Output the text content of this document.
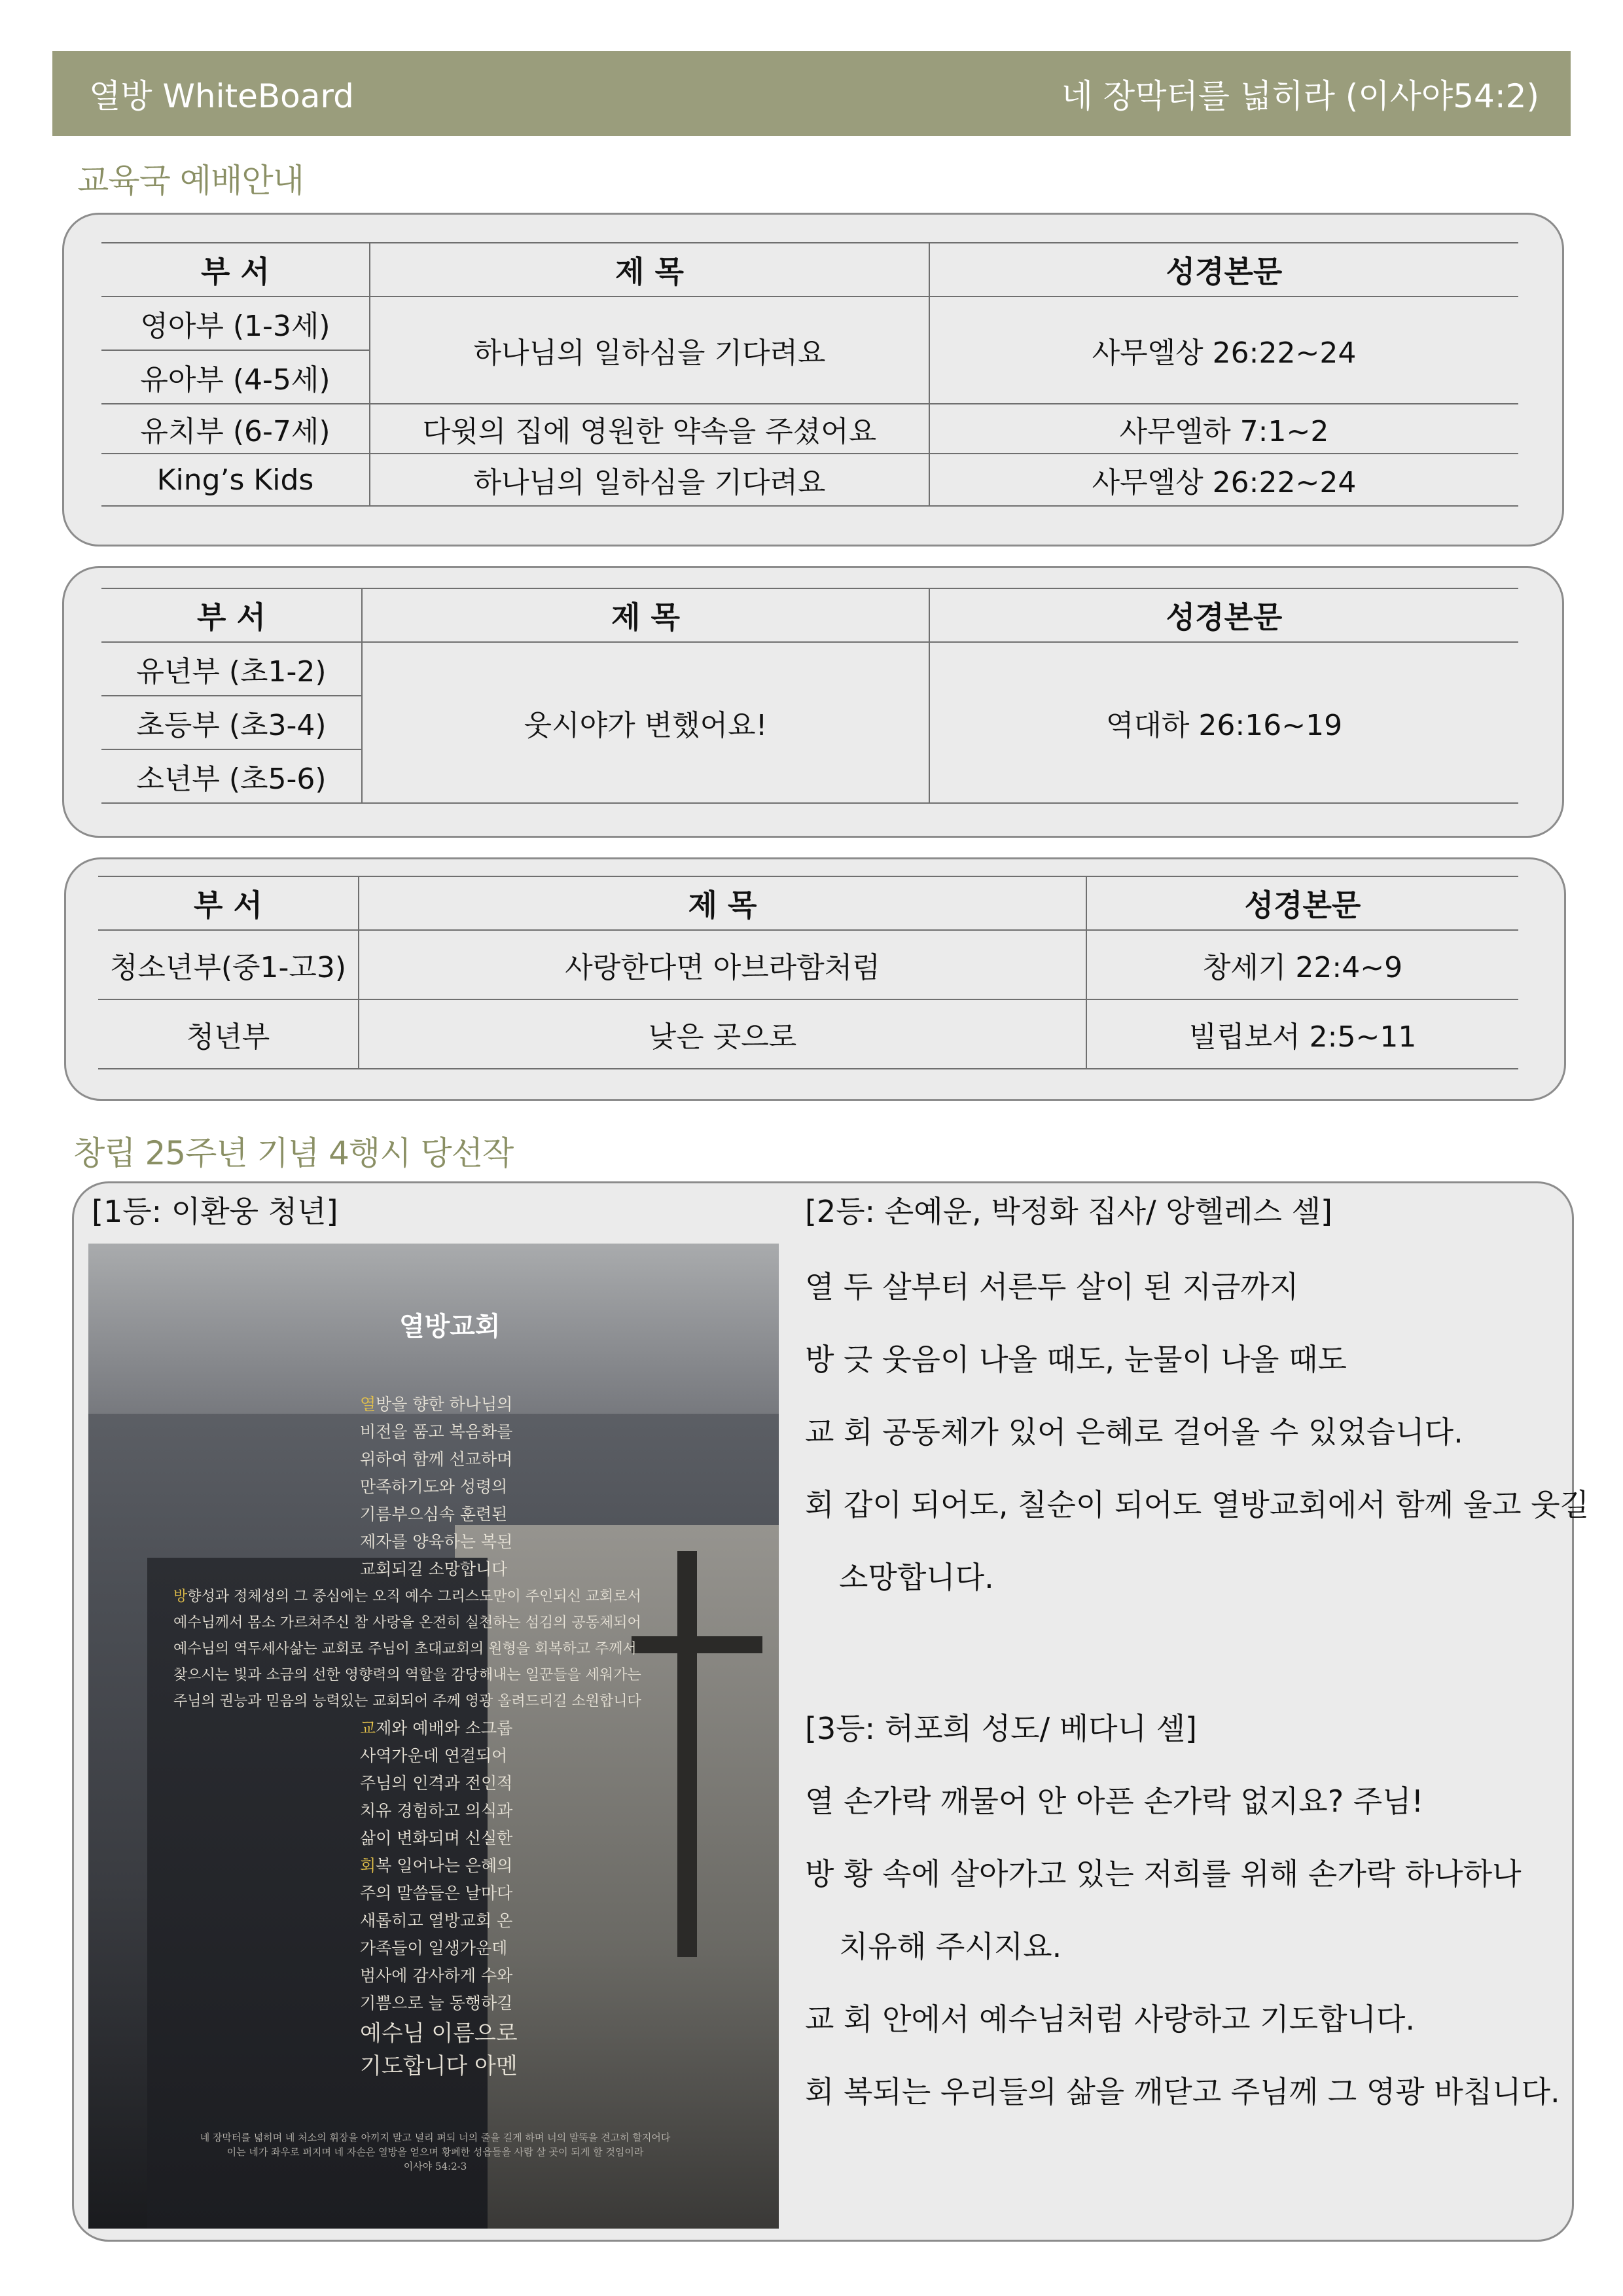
열방 WhiteBoard	네 장막터를 넓히라 (이사야54:2)
교육국 예배안내
부 서	제 목	성경본문
영아부 (1-3세)	하나님의 일하심을 기다려요	사무엘상 26:22~24
유아부 (4-5세)		
유치부 (6-7세)	다윗의 집에 영원한 약속을 주셨어요	사무엘하 7:1~2
King’s Kids	하나님의 일하심을 기다려요	사무엘상 26:22~24
부 서	제 목	성경본문
유년부 (초1-2)	웃시야가 변했어요!	역대하 26:16~19
초등부 (초3-4)		
소년부 (초5-6)		
부 서	제 목	성경본문
청소년부(중1-고3)	사랑한다면 아브라함처럼	창세기 22:4~9
청년부	낮은 곳으로	빌립보서 2:5~11
창립 25주년 기념 4행시 당선작
[1등: 이환웅 청년]
열방교회
열방을 향한 하나님의
비전을 품고 복음화를
위하여 함께 선교하며
만족하기도와 성령의
기름부으심속 훈련된
제자를 양육하는 복된
교회되길 소망합니다
방향성과 정체성의 그 중심에는 오직 예수 그리스도만이 주인되신 교회로서
예수님께서 몸소 가르쳐주신 참 사랑을 온전히 실천하는 섬김의 공동체되어
예수님의 역두세사삶는 교회로 주님이 초대교회의 원형을 회복하고 주께서
찾으시는 빛과 소금의 선한 영향력의 역할을 감당해내는 일꾼들을 세워가는
주님의 권능과 믿음의 능력있는 교회되어 주께 영광 올려드리길 소원합니다
교제와 예배와 소그룹
사역가운데 연결되어
주님의 인격과 전인적
치유 경험하고 의식과
삶이 변화되며 신실한
회복 일어나는 은혜의
주의 말씀들은 날마다
새롭히고 열방교회 온
가족들이 일생가운데
범사에 감사하게 수와
기쁨으로 늘 동행하길
예수님 이름으로
기도합니다 아멘
네 장막터를 넓히며 네 처소의 휘장을 아끼지 말고 널리 펴되 너의 줄을 길게 하며 너의 말뚝을 견고히 할지어다
이는 네가 좌우로 퍼지며 네 자손은 열방을 얻으며 황폐한 성읍들을 사람 살 곳이 되게 할 것임이라
이사야 54:2-3
[2등: 손예운, 박정화 집사/ 앙헬레스 셀]
열 두 살부터 서른두 살이 된 지금까지
방 긋 웃음이 나올 때도, 눈물이 나올 때도
교 회 공동체가 있어 은혜로 걸어올 수 있었습니다.
회 갑이 되어도, 칠순이 되어도 열방교회에서 함께 울고 웃길
소망합니다.
[3등: 허포희 성도/ 베다니 셀]
열 손가락 깨물어 안 아픈 손가락 없지요? 주님!
방 황 속에 살아가고 있는 저희를 위해 손가락 하나하나
치유해 주시지요.
교 회 안에서 예수님처럼 사랑하고 기도합니다.
회 복되는 우리들의 삶을 깨닫고 주님께 그 영광 바칩니다.
